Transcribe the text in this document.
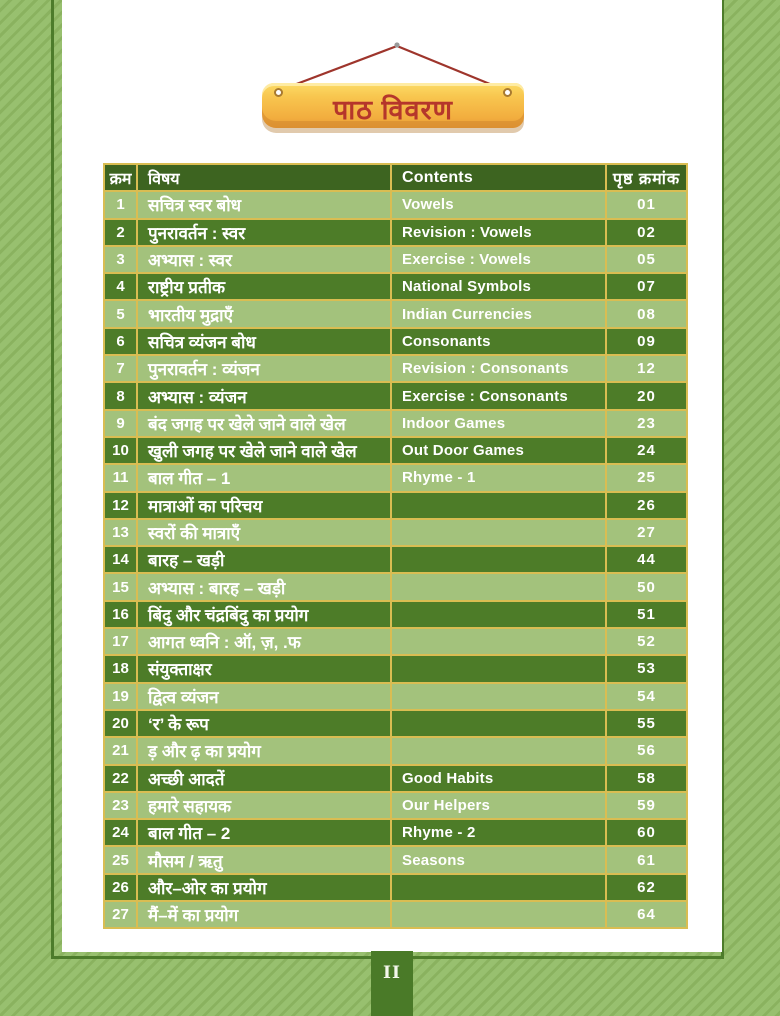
पाठ विवरण
क्रम	विषय	Contents	पृष्ठ क्रमांक
1	सचित्र स्वर बोध	Vowels	01
2	पुनरावर्तन : स्वर	Revision : Vowels	02
3	अभ्यास : स्वर	Exercise : Vowels	05
4	राष्ट्रीय प्रतीक	National Symbols	07
5	भारतीय मुद्राएँ	Indian Currencies	08
6	सचित्र व्यंजन बोध	Consonants	09
7	पुनरावर्तन : व्यंजन	Revision : Consonants	12
8	अभ्यास : व्यंजन	Exercise : Consonants	20
9	बंद जगह पर खेले जाने वाले खेल	Indoor Games	23
10	खुली जगह पर खेले जाने वाले खेल	Out Door Games	24
11	बाल गीत – 1	Rhyme - 1	25
12	मात्राओं का परिचय		26
13	स्वरों की मात्राएँ		27
14	बारह – खड़ी		44
15	अभ्यास : बारह – खड़ी		50
16	बिंदु और चंद्रबिंदु का प्रयोग		51
17	आगत ध्वनि : ऑ, ज़, .फ		52
18	संयुक्ताक्षर		53
19	द्वित्व व्यंजन		54
20	‘र’ के रूप		55
21	ड़ और ढ़ का प्रयोग		56
22	अच्छी आदतें	Good Habits	58
23	हमारे सहायक	Our Helpers	59
24	बाल गीत – 2	Rhyme - 2	60
25	मौसम / ऋतु	Seasons	61
26	और–ओर का प्रयोग		62
27	मैं–में का प्रयोग		64
II
